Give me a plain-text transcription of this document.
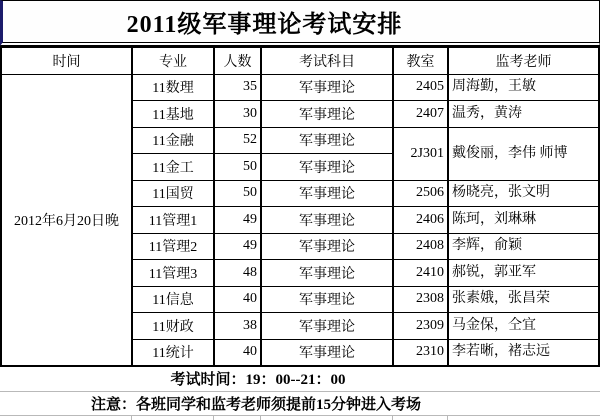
2011级军事理论考试安排
时间	专业	人数	考试科目	教室	监考老师
2012年6月20日晚	11数理	35	军事理论	2405	周海勤，王敏
	11基地	30	军事理论	2407	温秀，黄涛
	11金融	52	军事理论	2J301	戴俊丽，李伟 师博
	11金工	50	军事理论		
	11国贸	50	军事理论	2506	杨晓亮，张文明
	11管理1	49	军事理论	2406	陈珂，刘琳琳
	11管理2	49	军事理论	2408	李辉，俞颖
	11管理3	48	军事理论	2410	郝锐，郭亚军
	11信息	40	军事理论	2308	张素娥，张昌荣
	11财政	38	军事理论	2309	马金保，仝宜
	11统计	40	军事理论	2310	李若晰，褚志远
考试时间：19：00--21：00
注意：各班同学和监考老师须提前15分钟进入考场
